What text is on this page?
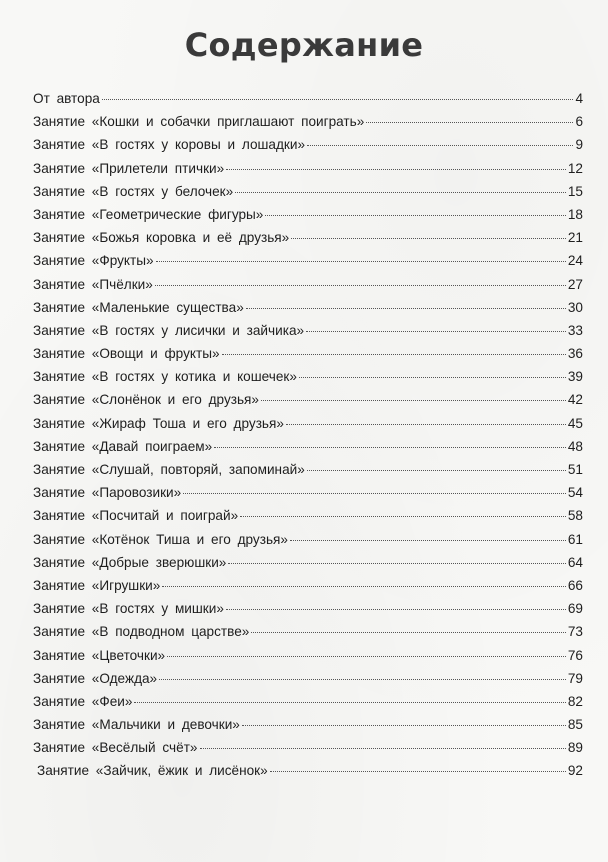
Содержание
От автора	4
Занятие «Кошки и собачки приглашают поиграть»	6
Занятие «В гостях у коровы и лошадки»	9
Занятие «Прилетели птички»	12
Занятие «В гостях у белочек»	15
Занятие «Геометрические фигуры»	18
Занятие «Божья коровка и её друзья»	21
Занятие «Фрукты»	24
Занятие «Пчёлки»	27
Занятие «Маленькие существа»	30
Занятие «В гостях у лисички и зайчика»	33
Занятие «Овощи и фрукты»	36
Занятие «В гостях у котика и кошечек»	39
Занятие «Слонёнок и его друзья»	42
Занятие «Жираф Тоша и его друзья»	45
Занятие «Давай поиграем»	48
Занятие «Слушай, повторяй, запоминай»	51
Занятие «Паровозики»	54
Занятие «Посчитай и поиграй»	58
Занятие «Котёнок Тиша и его друзья»	61
Занятие «Добрые зверюшки»	64
Занятие «Игрушки»	66
Занятие «В гостях у мишки»	69
Занятие «В подводном царстве»	73
Занятие «Цветочки»	76
Занятие «Одежда»	79
Занятие «Феи»	82
Занятие «Мальчики и девочки»	85
Занятие «Весёлый счёт»	89
Занятие «Зайчик, ёжик и лисёнок»	92
